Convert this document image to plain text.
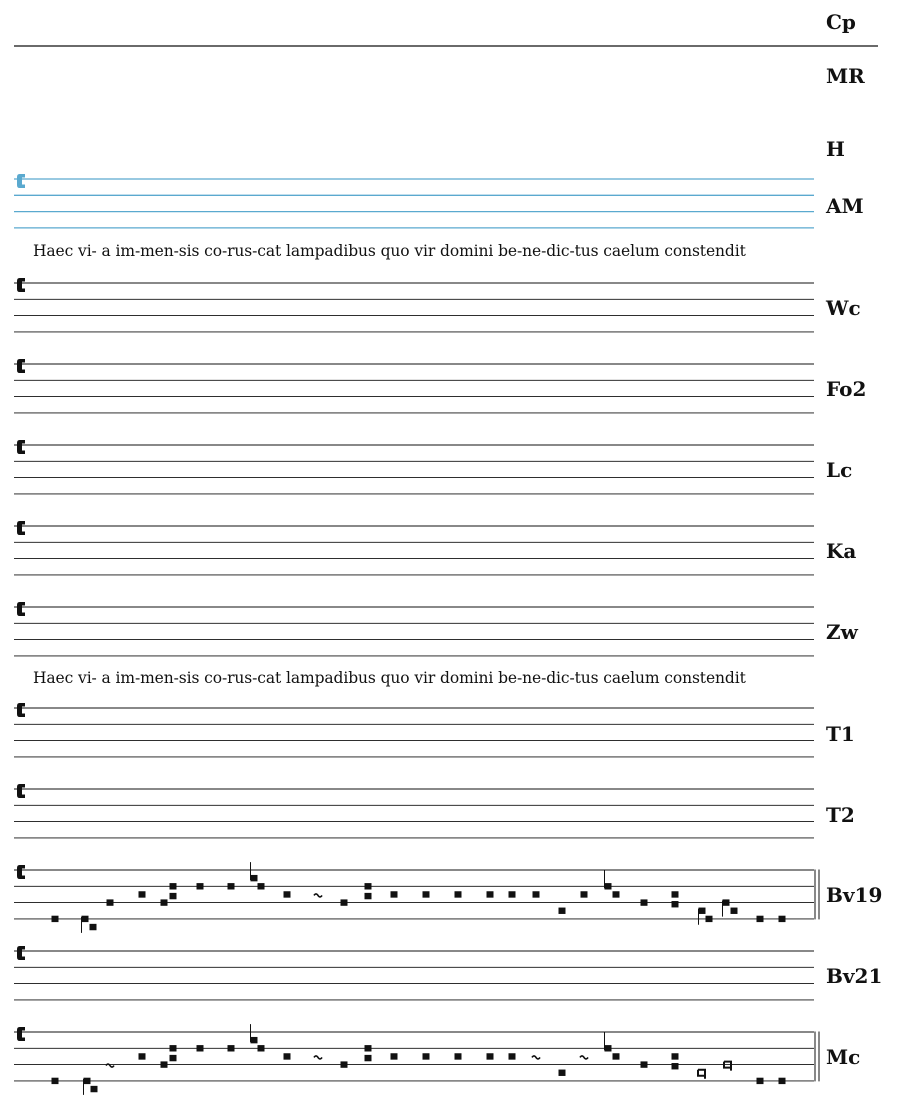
Haec vi- a im-men-sis co-rus-cat lampadibus quo vir domini be-ne-dic-tus caelum constendit
Haec vi- a im-men-sis co-rus-cat lampadibus quo vir domini be-ne-dic-tus caelum constendit
Cp
MR
H
AM
Wc
Fo2
Lc
Ka
Zw
T1
T2
Bv19
Bv21
Mc
